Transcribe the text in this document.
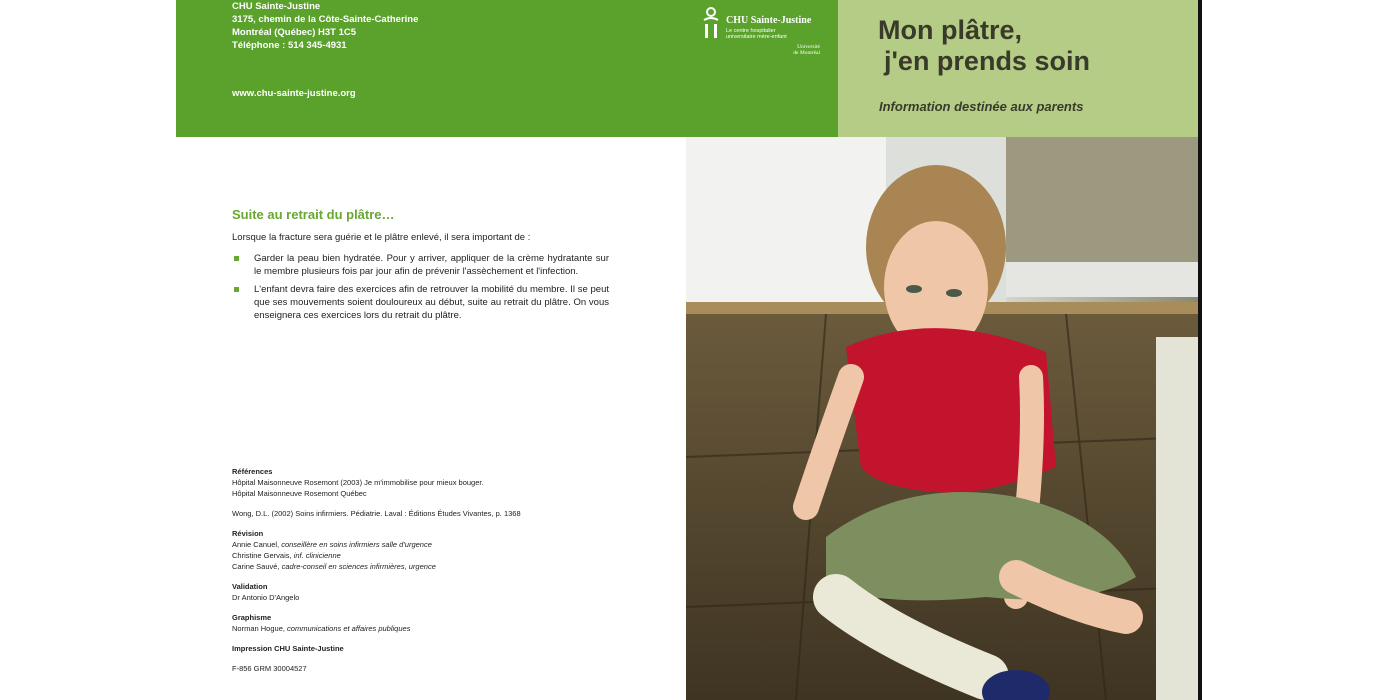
CHU Sainte-Justine
3175, chemin de la Côte-Sainte-Catherine
Montréal (Québec) H3T 1C5
Téléphone : 514 345-4931
www.chu-sainte-justine.org
CHU Sainte-Justine
Le centre hospitalier
universitaire mère-enfant
Université
de Montréal
Mon plâtre,
j'en prends soin
Information destinée aux parents
Suite au retrait du plâtre…

Lorsque la fracture sera guérie et le plâtre enlevé, il sera important de :

Garder la peau bien hydratée. Pour y arriver, appliquer de la crème hydratante sur le membre plusieurs fois par jour afin de prévenir l'assèchement et l'infection.
L'enfant devra faire des exercices afin de retrouver la mobilité du membre. Il se peut que ses mouvements soient douloureux au début, suite au retrait du plâtre. On vous enseignera ces exercices lors du retrait du plâtre.
Références
Hôpital Maisonneuve Rosemont (2003) Je m'immobilise pour mieux bouger.
Hôpital Maisonneuve Rosemont Québec
Wong, D.L. (2002) Soins infirmiers. Pédiatrie. Laval : Éditions Études Vivantes, p. 1368
Révision
Annie Canuel, conseillère en soins infirmiers salle d'urgence
Christine Gervais, inf. clinicienne
Carine Sauvé, cadre-conseil en sciences infirmières, urgence
Validation
Dr Antonio D'Angelo
Graphisme
Norman Hogue, communications et affaires publiques
Impression CHU Sainte-Justine
F-856 GRM 30004527
